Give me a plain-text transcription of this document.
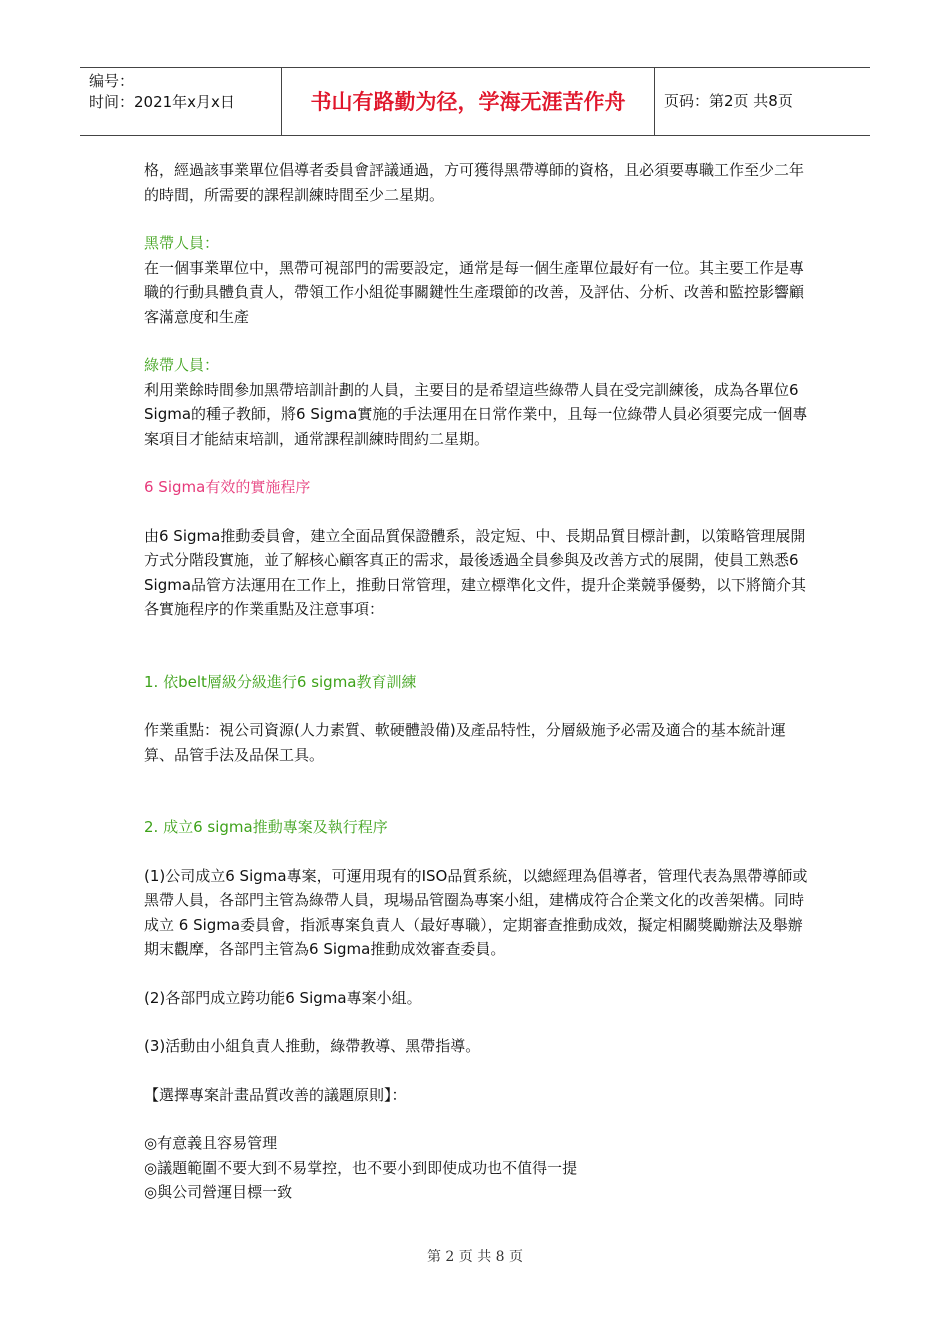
编号：
时间：2021年x月x日	书山有路勤为径，学海无涯苦作舟	页码：第2页 共8页

格，經過該事業單位倡導者委員會評議通過，方可獲得黑帶導師的資格，且必須要專職工作至少二年的時間，所需要的課程訓練時間至少二星期。

黑帶人員：

在一個事業單位中，黑帶可視部門的需要設定，通常是每一個生產單位最好有一位。其主要工作是專職的行動具體負責人，帶領工作小組從事關鍵性生產環節的改善，及評估、分析、改善和監控影響顧客滿意度和生產

綠帶人員：

利用業餘時間參加黑帶培訓計劃的人員，主要目的是希望這些綠帶人員在受完訓練後，成為各單位6 Sigma的種子教師，將6 Sigma實施的手法運用在日常作業中，且每一位綠帶人員必須要完成一個專案項目才能結束培訓，通常課程訓練時間約二星期。

6 Sigma有效的實施程序

由6 Sigma推動委員會，建立全面品質保證體系，設定短、中、長期品質目標計劃，以策略管理展開方式分階段實施，並了解核心顧客真正的需求，最後透過全員參與及改善方式的展開，使員工熟悉6 Sigma品管方法運用在工作上，推動日常管理，建立標準化文件，提升企業競爭優勢，以下將簡介其各實施程序的作業重點及注意事項：

1. 依belt層級分級進行6 sigma教育訓練

作業重點：視公司資源(人力素質、軟硬體設備)及產品特性，分層級施予必需及適合的基本統計運算、品管手法及品保工具。

2. 成立6 sigma推動專案及執行程序

(1)公司成立6 Sigma專案，可運用現有的ISO品質系統，以總經理為倡導者，管理代表為黑帶導師或黑帶人員，各部門主管為綠帶人員，現場品管圈為專案小組，建構成符合企業文化的改善架構。同時成立 6 Sigma委員會，指派專案負責人（最好專職），定期審查推動成效，擬定相關獎勵辦法及舉辦期末觀摩，各部門主管為6 Sigma推動成效審查委員。

(2)各部門成立跨功能6 Sigma專案小組。

(3)活動由小組負責人推動，綠帶教導、黑帶指導。

【選擇專案計畫品質改善的議題原則】：

◎有意義且容易管理

◎議題範圍不要大到不易掌控，也不要小到即使成功也不值得一提

◎與公司營運目標一致

第 2 页 共 8 页
